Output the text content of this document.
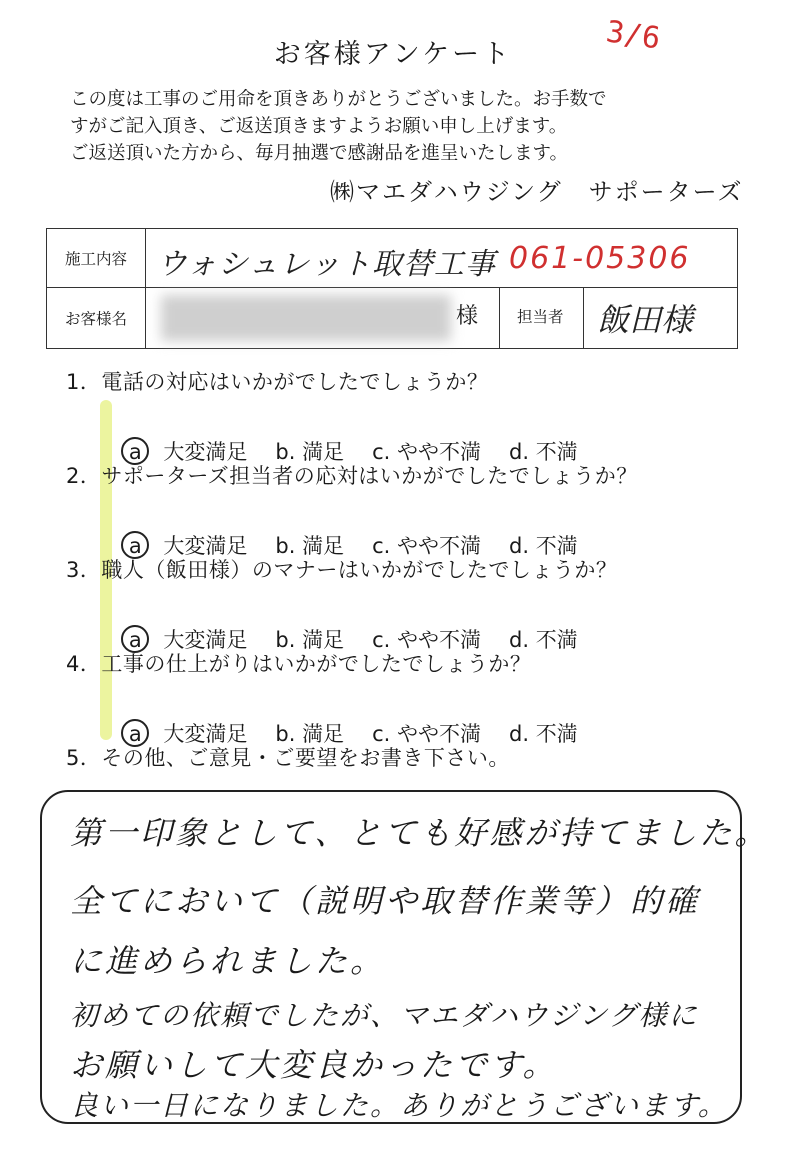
お客様アンケート	3/6
この度は工事のご用命を頂きありがとうございました。お手数で
すがご記入頂き、ご返送頂きますようお願い申し上げます。
ご返送頂いた方から、毎月抽選で感謝品を進呈いたします。
㈱マエダハウジング　サポーターズ
施工内容	ウォシュレット取替工事 061-05306
お客様名	様	担当者 飯田様
1．電話の対応はいかがでしたでしょうか？

a 大変満足 b. 満足 c. やや不満 d. 不満

2．サポーターズ担当者の応対はいかがでしたでしょうか？

a 大変満足 b. 満足 c. やや不満 d. 不満

3．職人（飯田様）のマナーはいかがでしたでしょうか？

a 大変満足 b. 満足 c. やや不満 d. 不満

4．工事の仕上がりはいかがでしたでしょうか？

a 大変満足 b. 満足 c. やや不満 d. 不満

5．その他、ご意見・ご要望をお書き下さい。
第一印象として、とても好感が持てました。
全てにおいて（説明や取替作業等）的確
に進められました。
初めての依頼でしたが、マエダハウジング様に
お願いして大変良かったです。
良い一日になりました。ありがとうございます。
